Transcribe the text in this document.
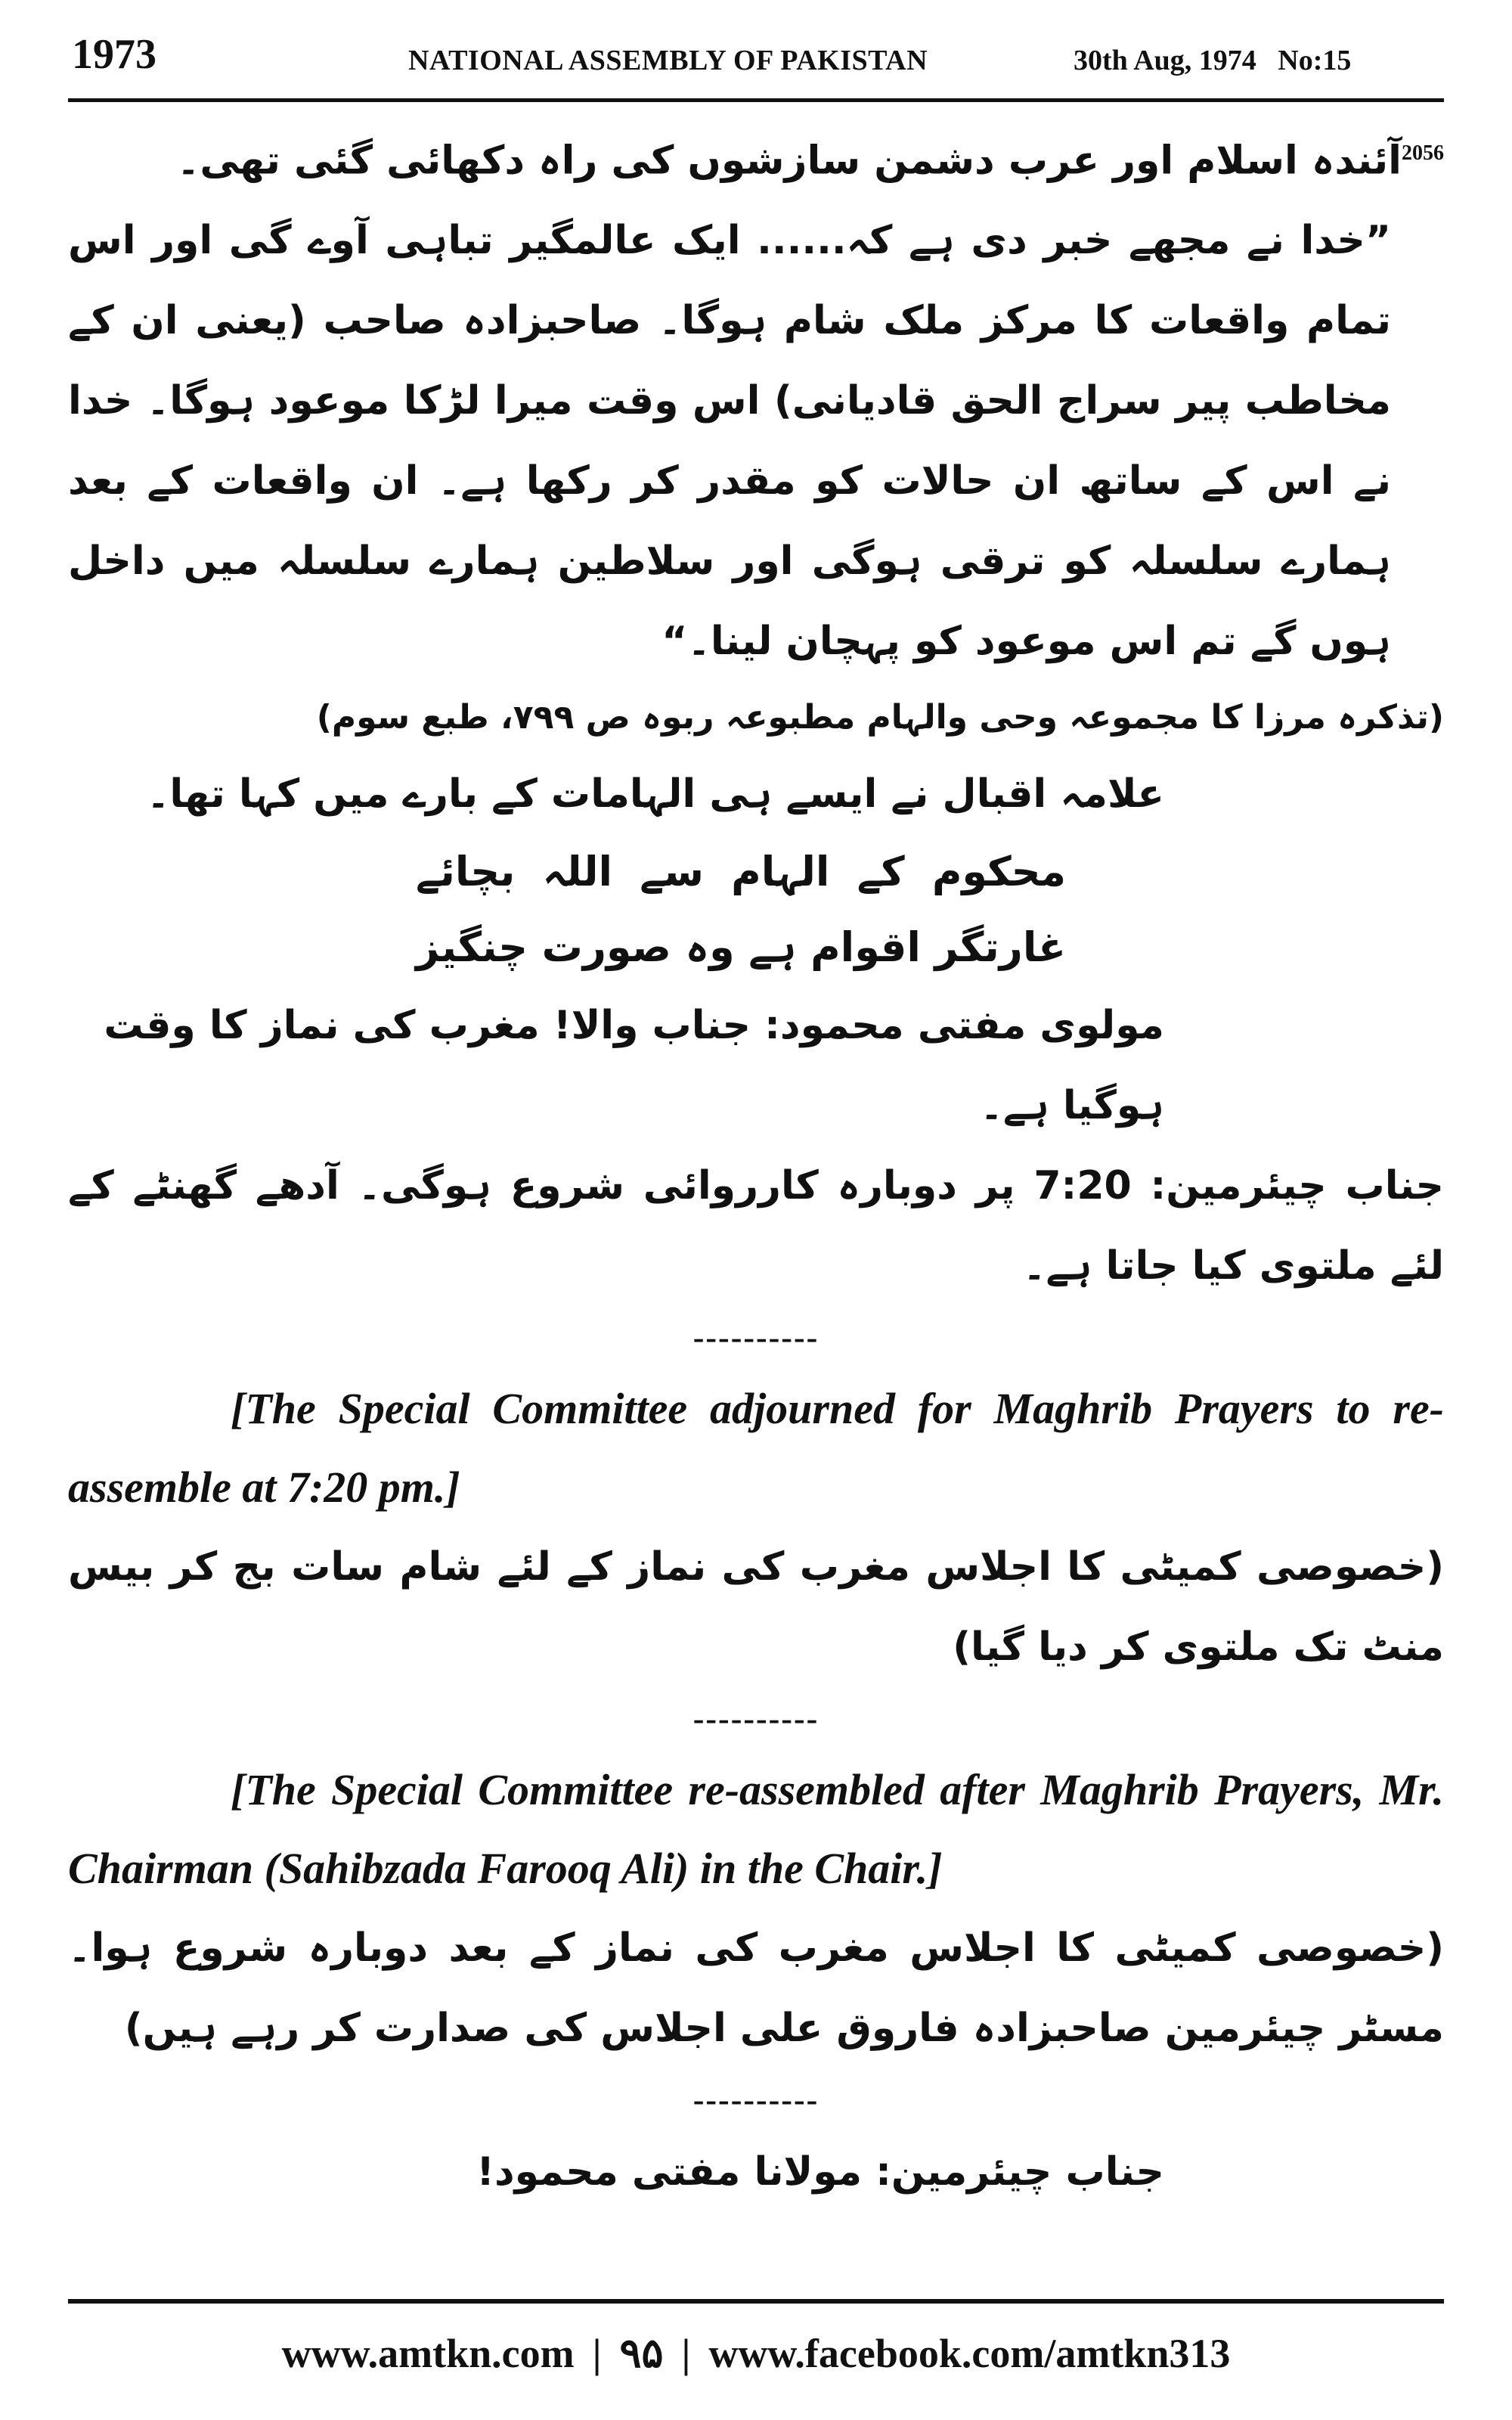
1973	NATIONAL ASSEMBLY OF PAKISTAN	30th Aug, 1974   No:15

$^{2056}$آئندہ اسلام اور عرب دشمن سازشوں کی راہ دکھائی گئی تھی۔

”خدا نے مجھے خبر دی ہے کہ...... ایک عالمگیر تباہی آوے گی اور اس تمام واقعات کا مرکز ملک شام ہوگا۔ صاحبزادہ صاحب (یعنی ان کے مخاطب پیر سراج الحق قادیانی) اس وقت میرا لڑکا موعود ہوگا۔ خدا نے اس کے ساتھ ان حالات کو مقدر کر رکھا ہے۔ ان واقعات کے بعد ہمارے سلسلہ کو ترقی ہوگی اور سلاطین ہمارے سلسلہ میں داخل ہوں گے تم اس موعود کو پہچان لینا۔“

(تذکرہ مرزا کا مجموعہ وحی والہام مطبوعہ ربوہ ص ۷۹۹، طبع سوم)

علامہ اقبال نے ایسے ہی الہامات کے بارے میں کہا تھا۔

محکوم
کے
الہام
سے
اللہ
بچائے
غارتگر
اقوام
ہے
وہ
صورت
چنگیز

مولوی مفتی محمود: جناب والا! مغرب کی نماز کا وقت ہوگیا ہے۔

جناب چیئرمین: 7:20 پر دوبارہ کارروائی شروع ہوگی۔ آدھے گھنٹے کے لئے ملتوی کیا جاتا ہے۔

----------

[The Special Committee adjourned for Maghrib Prayers to re-assemble at 7:20 pm.]

(خصوصی کمیٹی کا اجلاس مغرب کی نماز کے لئے شام سات بج کر بیس منٹ تک ملتوی کر دیا گیا)

----------

[The Special Committee re-assembled after Maghrib Prayers, Mr. Chairman (Sahibzada Farooq Ali) in the Chair.]

(خصوصی کمیٹی کا اجلاس مغرب کی نماز کے بعد دوبارہ شروع ہوا۔ مسٹر چیئرمین صاحبزادہ فاروق علی اجلاس کی صدارت کر رہے ہیں)

----------

جناب چیئرمین: مولانا مفتی محمود!

www.amtkn.com | ۹۵ | www.facebook.com/amtkn313
